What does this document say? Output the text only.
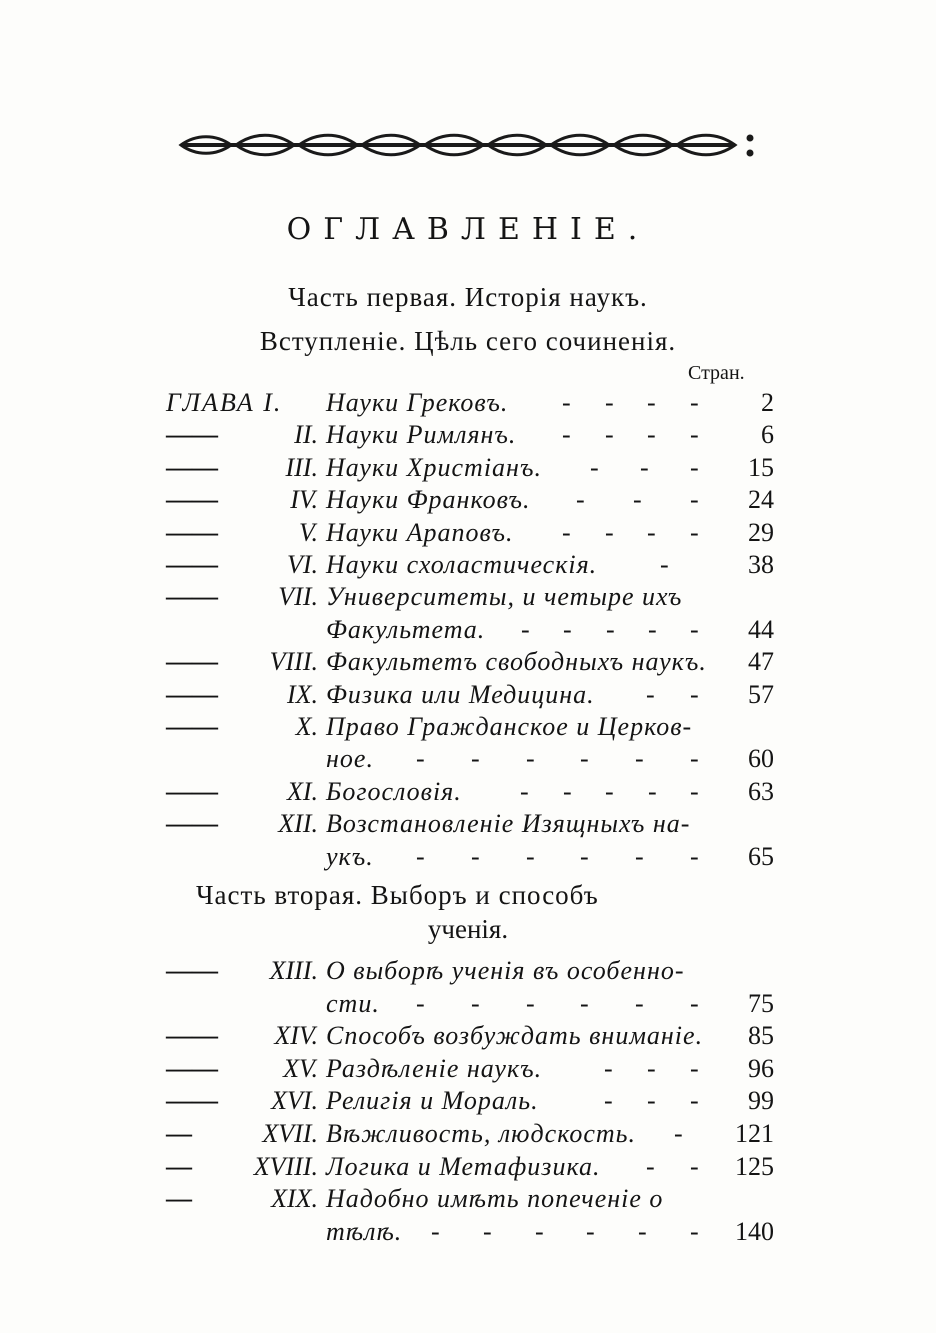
ОГЛАВЛЕНIЕ.
Часть первая. Исторія наукъ.
Вступленіе. Цѣль сего сочиненія.
Стран.
ГЛАВА I. Науки Грековъ. - - - -	2
——	II. Науки Римлянъ. - - - -	6
——	III. Науки Христіанъ. - - -	15
——	IV. Науки Франковъ. - - -	24
——	V. Науки Араповъ. - - - -	29
——	VI. Науки схоластическія. -	38
——	VII. Университеты, и четыре ихъ
Факультета. - - - - -	44
——	VIII. Факультетъ свободныхъ наукъ.	47
——	IX. Физика или Медицина. - -	57
——	X. Право Гражданское и Церков-
ное. - - - - - -	60
——	XI. Богословія. - - - - -	63
——	XII. Возстановленіе Изящныхъ на-
укъ. - - - - - -	65
Часть вторая. Выборъ и способъ
ученія.
——	XIII. О выборѣ ученія въ особенно-
сти. - - - - - -	75
——	XIV. Способъ возбуждать вниманіе.	85
——	XV. Раздѣленіе наукъ. - - -	96
——	XVI. Религія и Мораль.	- - -	99
—	XVII. Вѣжливость, людскость. -	121
—	XVIII. Логика и Метафизика. - -	125
—	XIX. Надобно имѣть попеченіе о
тѣлѣ. - - - - - -	140
